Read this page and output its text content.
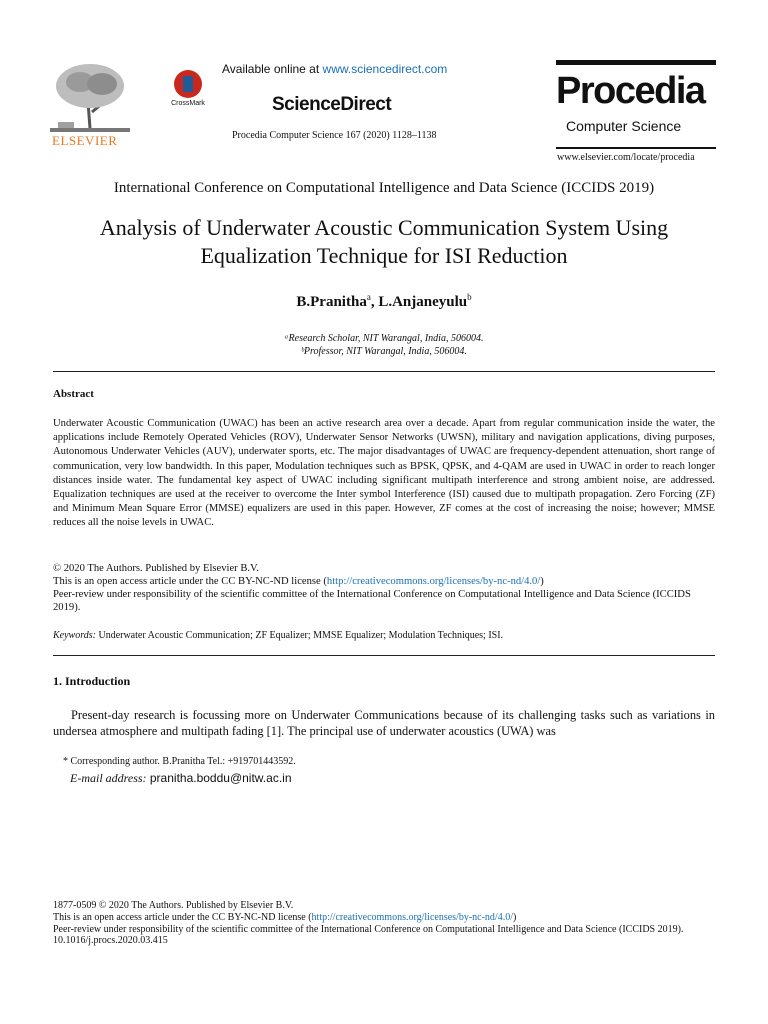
ELSEVIER
CrossMark
Available online at www.sciencedirect.com
ScienceDirect
Procedia Computer Science 167 (2020) 1128–1138
Procedia
Computer Science
www.elsevier.com/locate/procedia
International Conference on Computational Intelligence and Data Science (ICCIDS 2019)
Analysis of Underwater Acoustic Communication System Using
Equalization Technique for ISI Reduction
B.Pranitha$^a$, L.Anjaneyulu$^b$
ᵃResearch Scholar, NIT Warangal, India, 506004.
ᵇProfessor, NIT Warangal, India, 506004.
Abstract
Underwater Acoustic Communication (UWAC) has been an active research area over a decade. Apart from regular communication inside the water, the applications include Remotely Operated Vehicles (ROV), Underwater Sensor Networks (UWSN), military and navigation applications, diving purposes, Autonomous Underwater Vehicles (AUV), underwater sports, etc. The major disadvantages of UWAC are frequency-dependent attenuation, short range of communication, very low bandwidth. In this paper, Modulation techniques such as BPSK, QPSK, and 4-QAM are used in UWAC in order to reach longer distances inside water. The fundamental key aspect of UWAC including significant multipath interference and strong ambient noise, are addressed. Equalization techniques are used at the receiver to overcome the Inter symbol Interference (ISI) caused due to multipath propagation. Zero Forcing (ZF) and Minimum Mean Square Error (MMSE) equalizers are used in this paper. However, ZF comes at the cost of increasing the noise; however; MMSE reduces all the noise levels in UWAC.
© 2020 The Authors. Published by Elsevier B.V.
This is an open access article under the CC BY-NC-ND license (http://creativecommons.org/licenses/by-nc-nd/4.0/)
Peer-review under responsibility of the scientific committee of the International Conference on Computational Intelligence and Data Science (ICCIDS 2019).
Keywords: Underwater Acoustic Communication; ZF Equalizer; MMSE Equalizer; Modulation Techniques; ISI.
1. Introduction
Present-day research is focussing more on Underwater Communications because of its challenging tasks such as variations in undersea atmosphere and multipath fading [1]. The principal use of underwater acoustics (UWA) was
* Corresponding author. B.Pranitha Tel.: +919701443592.
E-mail address: pranitha.boddu@nitw.ac.in
1877-0509 © 2020 The Authors. Published by Elsevier B.V.
This is an open access article under the CC BY-NC-ND license (http://creativecommons.org/licenses/by-nc-nd/4.0/)
Peer-review under responsibility of the scientific committee of the International Conference on Computational Intelligence and Data Science (ICCIDS 2019).
10.1016/j.procs.2020.03.415
